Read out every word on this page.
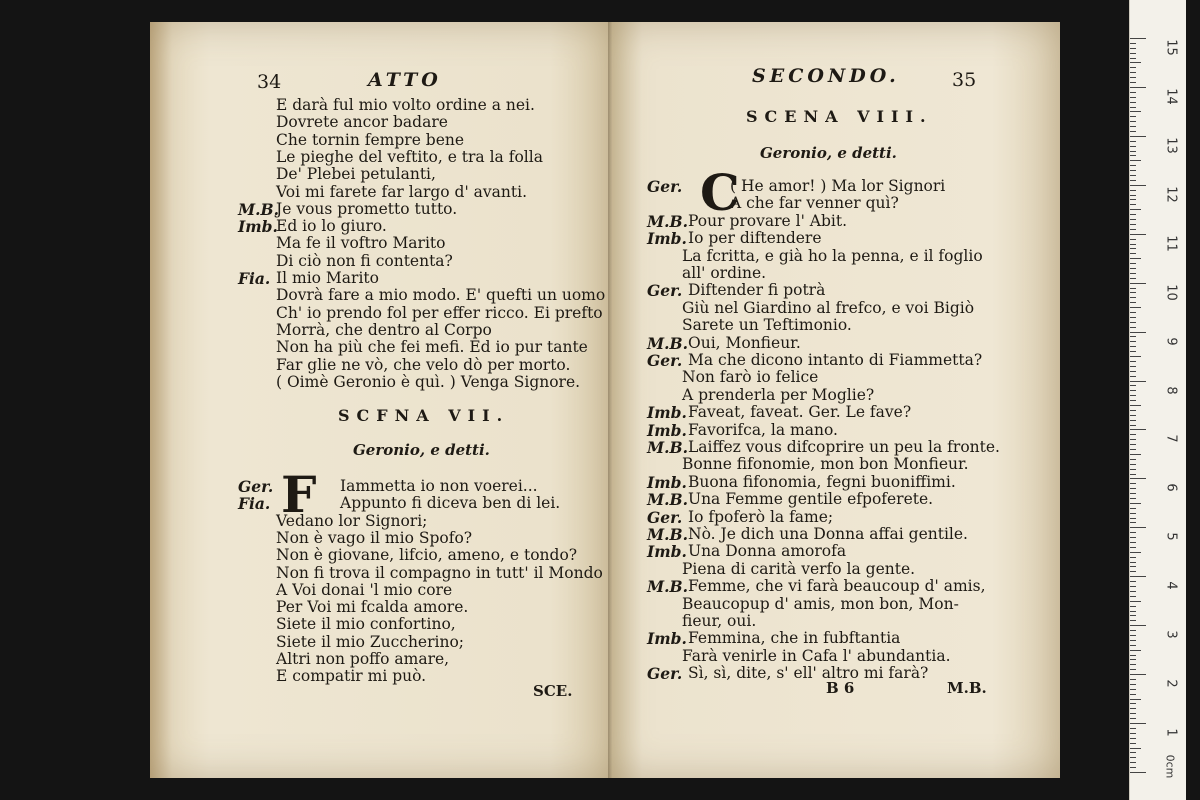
34	ATTO
E darà ful mio volto ordine a nei.
Dovrete ancor badare
Che tornin fempre bene
Le pieghe del veftito, e tra la folla
De' Plebei petulanti,
Voi mi farete far largo d' avanti.
M.B.
Je vous prometto tutto.
Imb.
Ed io lo giuro.
Ma fe il voftro Marito
Di ciò non fi contenta?
Fia. Il mio Marito
Dovrà fare a mio modo. E' quefti un uomo
Ch' io prendo fol per effer ricco. Ei prefto
Morrà, che dentro al Corpo
Non ha più che fei mefi. Ed io pur tante
Far glie ne vò, che velo dò per morto.
( Oimè Geronio è quì. ) Venga Signore.
SCFNA VII.
Geronio, e detti.
F
Ger.	Iammetta io non voerei...
Fia.	Appunto fi diceva ben di lei.
Vedano lor Signori;
Non è vago il mio Spofo?
Non è giovane, lifcio, ameno, e tondo?
Non fi trova il compagno in tutt' il Mondo
A Voi donai 'l mio core
Per Voi mi fcalda amore.
Siete il mio confortino,
Siete il mio Zuccherino;
Altri non poffo amare,
E compatir mi può.
SCE.
SECONDO.	35
SCENA VIII.
Geronio, e detti.
C
Ger.	( He amor! ) Ma lor Signori
A che far venner quì?
M.B. Pour provare l' Abit.
Imb. Io per diftendere
La fcritta, e già ho la penna, e il foglio
all' ordine.
Ger. Diftender fi potrà
Giù nel Giardino al frefco, e voi Bigiò
Sarete un Teftimonio.
M.B. Oui, Monfieur.
Ger. Ma che dicono intanto di Fiammetta?
Non farò io felice
A prenderla per Moglie?
Imb. Faveat, faveat. Ger. Le fave?
Imb. Favorifca, la mano.
M.B. Laiffez vous difcoprire un peu la fronte.
Bonne fifonomie, mon bon Monfieur.
Imb. Buona fifonomia, fegni buoniffimi.
M.B. Una Femme gentile efpoferete.
Ger. Io fpoferò la fame;
M.B. Nò. Je dich una Donna affai gentile.
Imb. Una Donna amorofa
Piena di carità verfo la gente.
M.B. Femme, che vi farà beaucoup d' amis,
Beaucopup d' amis, mon bon, Mon-
fieur, oui.
Imb. Femmina, che in fubftantia
Farà venirle in Cafa l' abundantia.
Ger. Sì, sì, dite, s' ell' altro mi farà?
B 6	M.B.
0cm
15
14
13
12
11
10
9
8
7
6
5
4
3
2
1
